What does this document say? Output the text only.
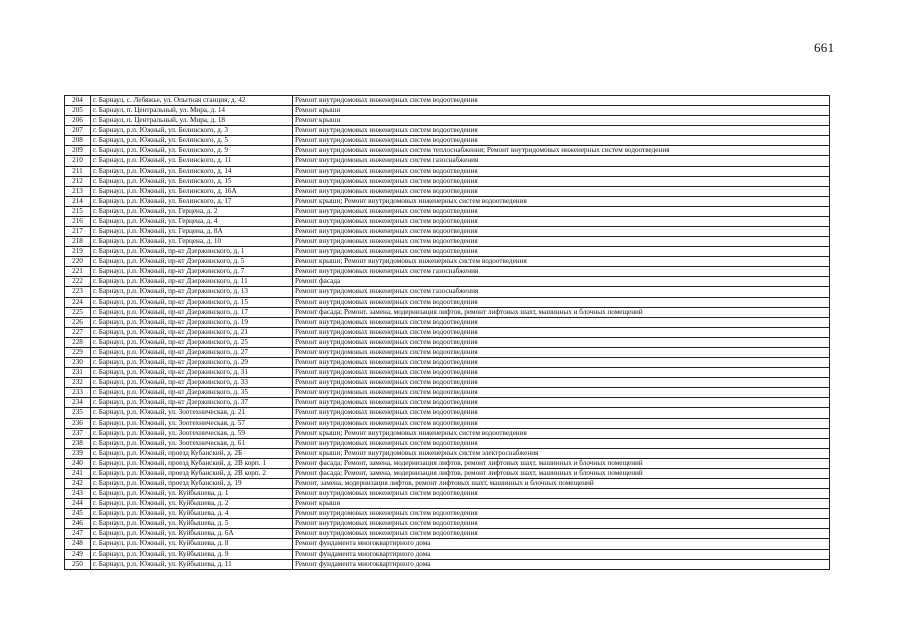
661
204	г. Барнаул, с. Лебяжье, ул. Опытная станция, д. 42	Ремонт внутридомовых инженерных систем водоотведения
205	г. Барнаул, п. Центральный, ул. Мира, д. 14	Ремонт крыши
206	г. Барнаул, п. Центральный, ул. Мира, д. 18	Ремонт крыши
207	г. Барнаул, р.п. Южный, ул. Белинского, д. 3	Ремонт внутридомовых инженерных систем водоотведения
208	г. Барнаул, р.п. Южный, ул. Белинского, д. 5	Ремонт внутридомовых инженерных систем водоотведения
209	г. Барнаул, р.п. Южный, ул. Белинского, д. 9	Ремонт внутридомовых инженерных систем теплоснабжения; Ремонт внутридомовых инженерных систем водоотведения
210	г. Барнаул, р.п. Южный, ул. Белинского, д. 11	Ремонт внутридомовых инженерных систем газоснабжения
211	г. Барнаул, р.п. Южный, ул. Белинского, д. 14	Ремонт внутридомовых инженерных систем водоотведения
212	г. Барнаул, р.п. Южный, ул. Белинского, д. 15	Ремонт внутридомовых инженерных систем водоотведения
213	г. Барнаул, р.п. Южный, ул. Белинского, д. 16А	Ремонт внутридомовых инженерных систем водоотведения
214	г. Барнаул, р.п. Южный, ул. Белинского, д. 17	Ремонт крыши; Ремонт внутридомовых инженерных систем водоотведения
215	г. Барнаул, р.п. Южный, ул. Герцена, д. 2	Ремонт внутридомовых инженерных систем водоотведения
216	г. Барнаул, р.п. Южный, ул. Герцена, д. 4	Ремонт внутридомовых инженерных систем водоотведения
217	г. Барнаул, р.п. Южный, ул. Герцена, д. 8А	Ремонт внутридомовых инженерных систем водоотведения
218	г. Барнаул, р.п. Южный, ул. Герцена, д. 10	Ремонт внутридомовых инженерных систем водоотведения
219	г. Барнаул, р.п. Южный, пр-кт Дзержинского, д. 1	Ремонт внутридомовых инженерных систем водоотведения
220	г. Барнаул, р.п. Южный, пр-кт Дзержинского, д. 5	Ремонт крыши; Ремонт внутридомовых инженерных систем водоотведения
221	г. Барнаул, р.п. Южный, пр-кт Дзержинского, д. 7	Ремонт внутридомовых инженерных систем газоснабжения
222	г. Барнаул, р.п. Южный, пр-кт Дзержинского, д. 11	Ремонт фасада
223	г. Барнаул, р.п. Южный, пр-кт Дзержинского, д. 13	Ремонт внутридомовых инженерных систем газоснабжения
224	г. Барнаул, р.п. Южный, пр-кт Дзержинского, д. 15	Ремонт внутридомовых инженерных систем водоотведения
225	г. Барнаул, р.п. Южный, пр-кт Дзержинского, д. 17	Ремонт фасада; Ремонт, замена, модернизация лифтов, ремонт лифтовых шахт, машинных и блочных помещений
226	г. Барнаул, р.п. Южный, пр-кт Дзержинского, д. 19	Ремонт внутридомовых инженерных систем водоотведения
227	г. Барнаул, р.п. Южный, пр-кт Дзержинского, д. 21	Ремонт внутридомовых инженерных систем водоотведения
228	г. Барнаул, р.п. Южный, пр-кт Дзержинского, д. 25	Ремонт внутридомовых инженерных систем водоотведения
229	г. Барнаул, р.п. Южный, пр-кт Дзержинского, д. 27	Ремонт внутридомовых инженерных систем водоотведения
230	г. Барнаул, р.п. Южный, пр-кт Дзержинского, д. 29	Ремонт внутридомовых инженерных систем водоотведения
231	г. Барнаул, р.п. Южный, пр-кт Дзержинского, д. 31	Ремонт внутридомовых инженерных систем водоотведения
232	г. Барнаул, р.п. Южный, пр-кт Дзержинского, д. 33	Ремонт внутридомовых инженерных систем водоотведения
233	г. Барнаул, р.п. Южный, пр-кт Дзержинского, д. 35	Ремонт внутридомовых инженерных систем водоотведения
234	г. Барнаул, р.п. Южный, пр-кт Дзержинского, д. 37	Ремонт внутридомовых инженерных систем водоотведения
235	г. Барнаул, р.п. Южный, ул. Зоотехническая, д. 21	Ремонт внутридомовых инженерных систем водоотведения
236	г. Барнаул, р.п. Южный, ул. Зоотехническая, д. 57	Ремонт внутридомовых инженерных систем водоотведения
237	г. Барнаул, р.п. Южный, ул. Зоотехническая, д. 59	Ремонт крыши; Ремонт внутридомовых инженерных систем водоотведения
238	г. Барнаул, р.п. Южный, ул. Зоотехническая, д. 61	Ремонт внутридомовых инженерных систем водоотведения
239	г. Барнаул, р.п. Южный, проезд Кубанский, д. 2Б	Ремонт крыши; Ремонт внутридомовых инженерных систем электроснабжения
240	г. Барнаул, р.п. Южный, проезд Кубанский, д. 2В корп. 1	Ремонт фасада; Ремонт, замена, модернизация лифтов, ремонт лифтовых шахт, машинных и блочных помещений
241	г. Барнаул, р.п. Южный, проезд Кубанский, д. 2В корп. 2	Ремонт фасада; Ремонт, замена, модернизация лифтов, ремонт лифтовых шахт, машинных и блочных помещений
242	г. Барнаул, р.п. Южный, проезд Кубанский, д. 19	Ремонт, замена, модернизация лифтов, ремонт лифтовых шахт, машинных и блочных помещений
243	г. Барнаул, р.п. Южный, ул. Куйбышева, д. 1	Ремонт внутридомовых инженерных систем водоотведения
244	г. Барнаул, р.п. Южный, ул. Куйбышева, д. 2	Ремонт крыши
245	г. Барнаул, р.п. Южный, ул. Куйбышева, д. 4	Ремонт внутридомовых инженерных систем водоотведения
246	г. Барнаул, р.п. Южный, ул. Куйбышева, д. 5	Ремонт внутридомовых инженерных систем водоотведения
247	г. Барнаул, р.п. Южный, ул. Куйбышева, д. 6А	Ремонт внутридомовых инженерных систем водоотведения
248	г. Барнаул, р.п. Южный, ул. Куйбышева, д. 8	Ремонт фундамента многоквартирного дома
249	г. Барнаул, р.п. Южный, ул. Куйбышева, д. 9	Ремонт фундамента многоквартирного дома
250	г. Барнаул, р.п. Южный, ул. Куйбышева, д. 11	Ремонт фундамента многоквартирного дома
